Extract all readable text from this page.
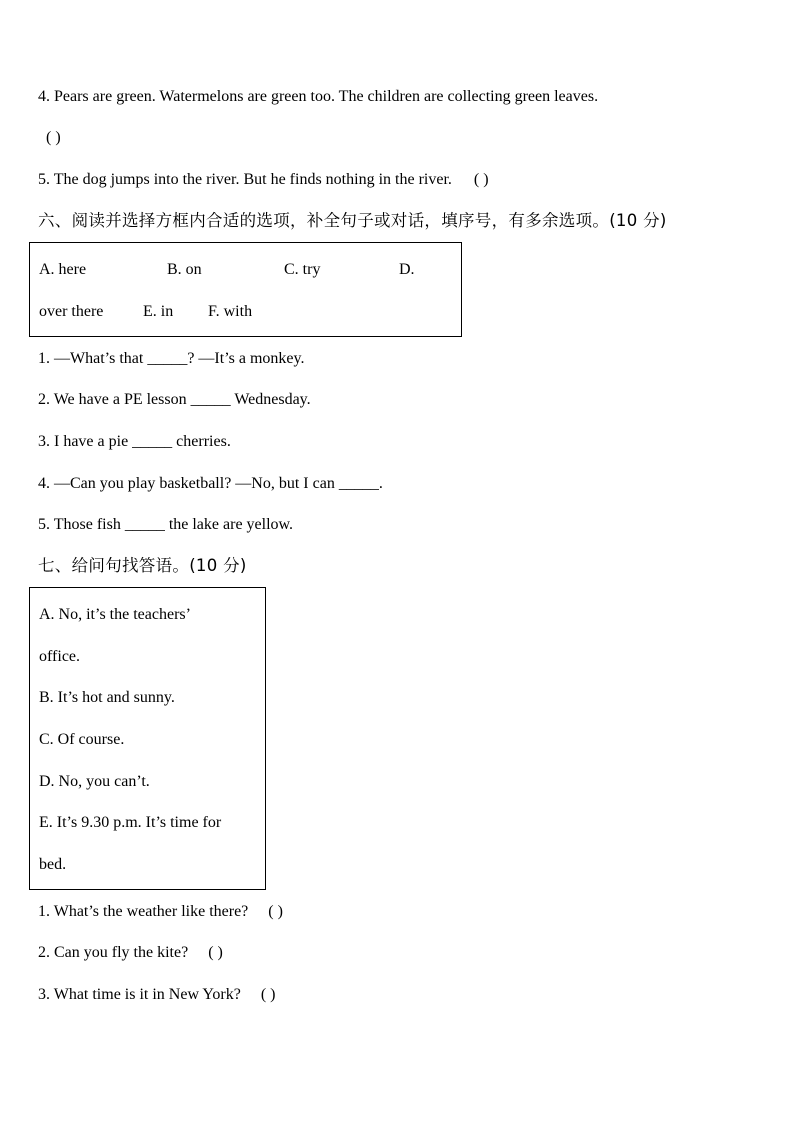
4. Pears are green. Watermelons are green too. The children are collecting green leaves.
( )
5. The dog jumps into the river. But he finds nothing in the river. ( )
六、阅读并选择方框内合适的选项，补全句子或对话，填序号，有多余选项。(10 分)
A. here	B. on	C. try	D.
over there E. in F. with
1. —What’s that _____? —It’s a monkey.
2. We have a PE lesson _____ Wednesday.
3. I have a pie _____ cherries.
4. —Can you play basketball? —No, but I can _____.
5. Those fish _____ the lake are yellow.
七、给问句找答语。(10 分)
A. No, it’s the teachers’
office.
B. It’s hot and sunny.
C. Of course.
D. No, you can’t.
E. It’s 9.30 p.m. It’s time for
bed.
1. What’s the weather like there? ( )
2. Can you fly the kite? ( )
3. What time is it in New York? ( )
